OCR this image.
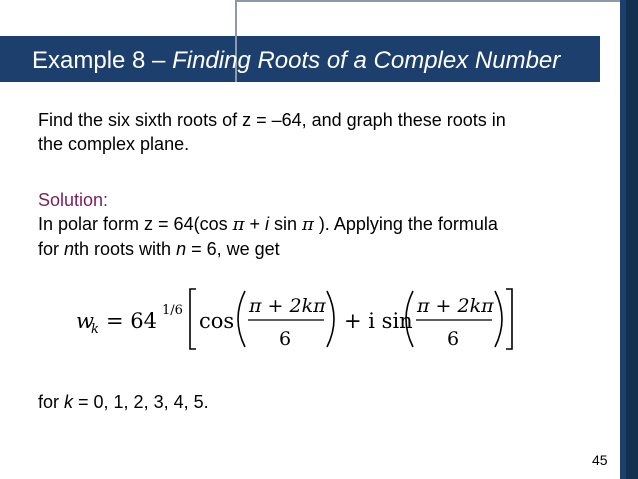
Example 8 – Finding Roots of a Complex Number
Find the six sixth roots of z = –64, and graph these roots in
the complex plane.
Solution:
In polar form z = 64(cos π + i sin π ). Applying the formula
for nth roots with n = 6, we get
w
k = 64 1/6 cos
π + 2kπ
6
+ i sin
π + 2kπ
6
for k = 0, 1, 2, 3, 4, 5.
45
